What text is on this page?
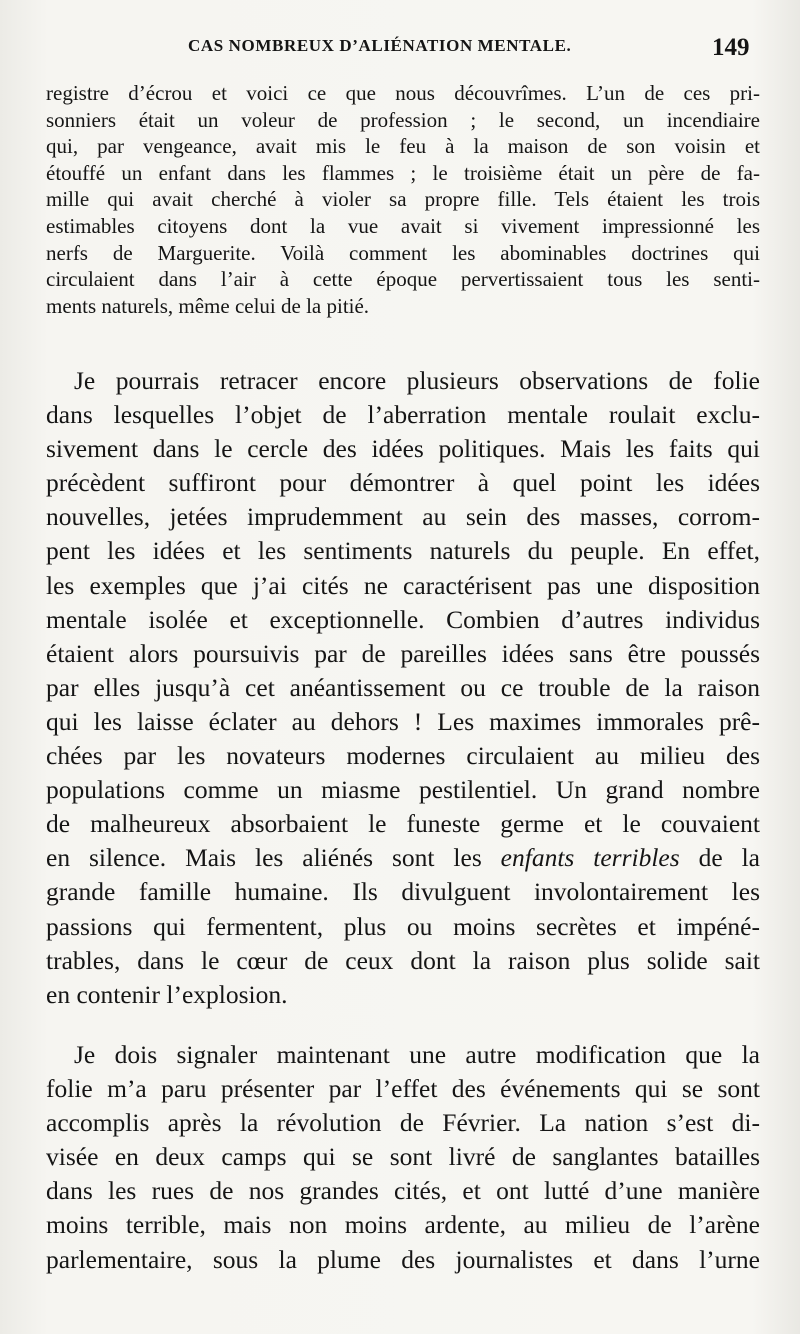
CAS NOMBREUX D’ALIÉNATION MENTALE.	149
registre d’écrou et voici ce que nous découvrîmes. L’un de ces pri-
sonniers était un voleur de profession ; le second, un incendiaire
qui, par vengeance, avait mis le feu à la maison de son voisin et
étouffé un enfant dans les flammes ; le troisième était un père de fa-
mille qui avait cherché à violer sa propre fille. Tels étaient les trois
estimables citoyens dont la vue avait si vivement impressionné les
nerfs de Marguerite. Voilà comment les abominables doctrines qui
circulaient dans l’air à cette époque pervertissaient tous les senti-
ments naturels, même celui de la pitié.
Je pourrais retracer encore plusieurs observations de folie
dans lesquelles l’objet de l’aberration mentale roulait exclu-
sivement dans le cercle des idées politiques. Mais les faits qui
précèdent suffiront pour démontrer à quel point les idées
nouvelles, jetées imprudemment au sein des masses, corrom-
pent les idées et les sentiments naturels du peuple. En effet,
les exemples que j’ai cités ne caractérisent pas une disposition
mentale isolée et exceptionnelle. Combien d’autres individus
étaient alors poursuivis par de pareilles idées sans être poussés
par elles jusqu’à cet anéantissement ou ce trouble de la raison
qui les laisse éclater au dehors ! Les maximes immorales prê-
chées par les novateurs modernes circulaient au milieu des
populations comme un miasme pestilentiel. Un grand nombre
de malheureux absorbaient le funeste germe et le couvaient
en silence. Mais les aliénés sont les enfants terribles de la
grande famille humaine. Ils divulguent involontairement les
passions qui fermentent, plus ou moins secrètes et impéné-
trables, dans le cœur de ceux dont la raison plus solide sait
en contenir l’explosion.
Je dois signaler maintenant une autre modification que la
folie m’a paru présenter par l’effet des événements qui se sont
accomplis après la révolution de Février. La nation s’est di-
visée en deux camps qui se sont livré de sanglantes batailles
dans les rues de nos grandes cités, et ont lutté d’une manière
moins terrible, mais non moins ardente, au milieu de l’arène
parlementaire, sous la plume des journalistes et dans l’urne
